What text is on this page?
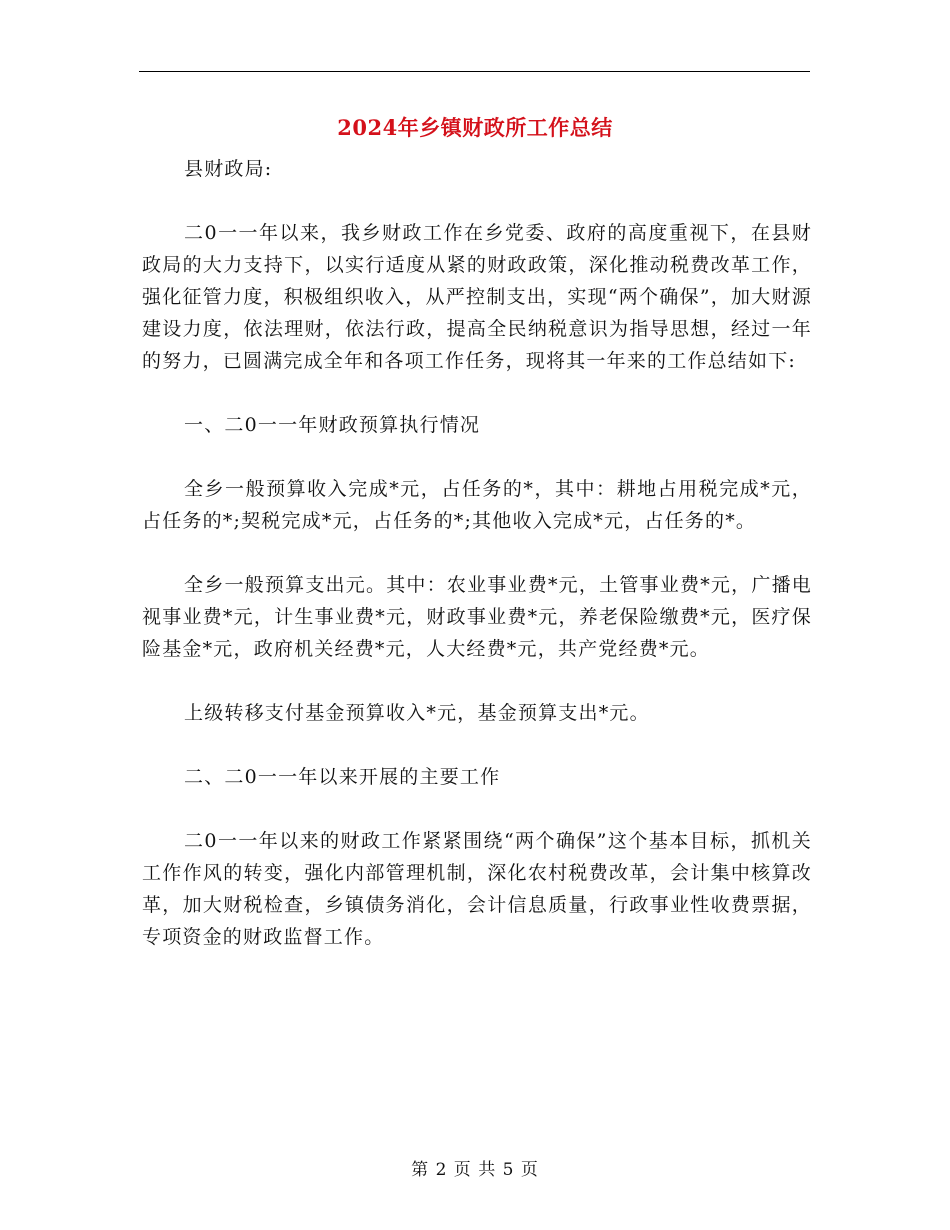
2024年乡镇财政所工作总结

县财政局:

二0一一年以来，我乡财政工作在乡党委、政府的高度重视下，在县财政局的大力支持下，以实行适度从紧的财政政策，深化推动税费改革工作，强化征管力度，积极组织收入，从严控制支出，实现“两个确保”，加大财源建设力度，依法理财，依法行政，提高全民纳税意识为指导思想，经过一年的努力，已圆满完成全年和各项工作任务，现将其一年来的工作总结如下:

一、二0一一年财政预算执行情况

全乡一般预算收入完成*元，占任务的*，其中：耕地占用税完成*元，占任务的*;契税完成*元，占任务的*;其他收入完成*元，占任务的*。

全乡一般预算支出元。其中：农业事业费*元，土管事业费*元，广播电视事业费*元，计生事业费*元，财政事业费*元，养老保险缴费*元，医疗保险基金*元，政府机关经费*元，人大经费*元，共产党经费*元。

上级转移支付基金预算收入*元，基金预算支出*元。

二、二0一一年以来开展的主要工作

二0一一年以来的财政工作紧紧围绕“两个确保”这个基本目标，抓机关工作作风的转变，强化内部管理机制，深化农村税费改革，会计集中核算改革，加大财税检查，乡镇债务消化，会计信息质量，行政事业性收费票据，专项资金的财政监督工作。

第 2 页 共 5 页
